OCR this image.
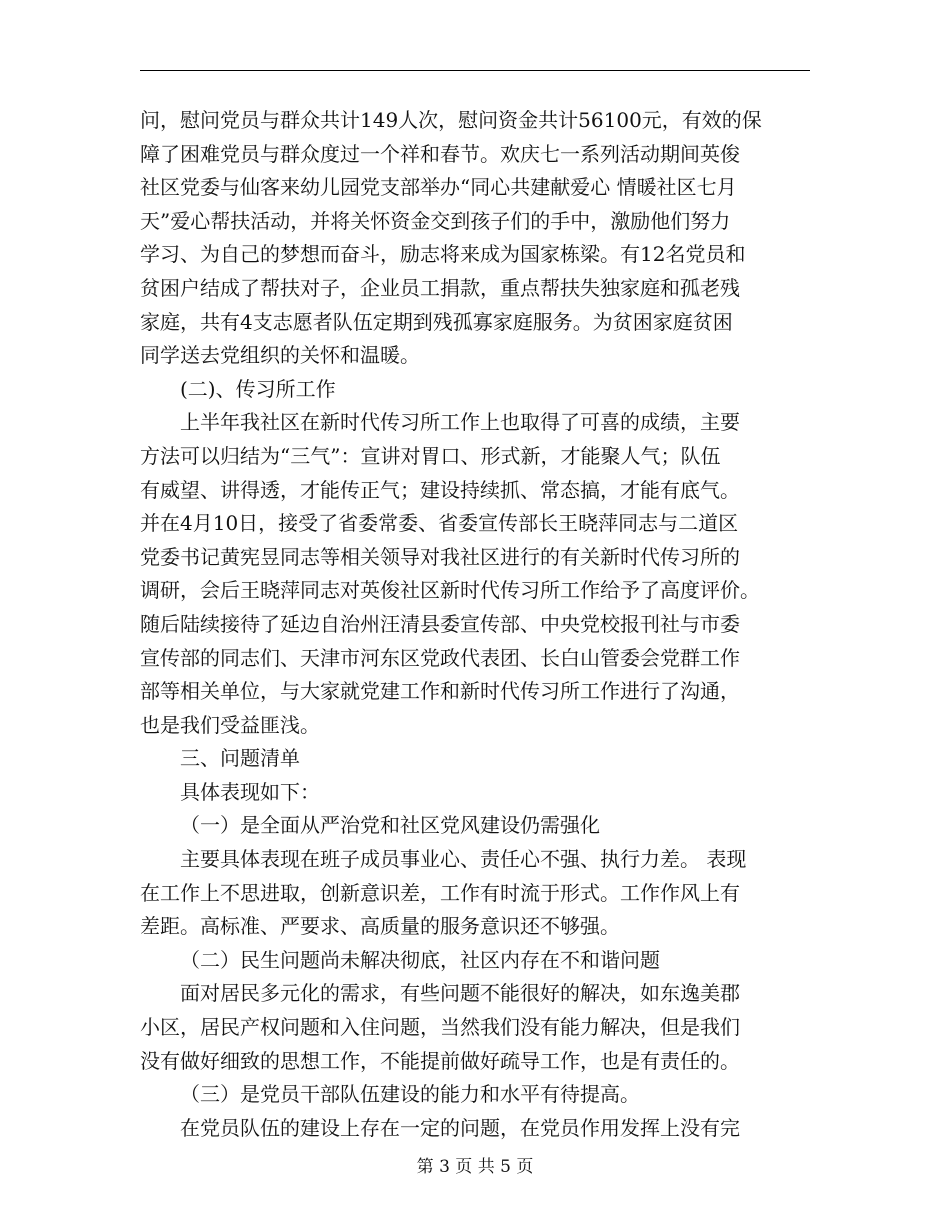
问，慰问党员与群众共计149人次，慰问资金共计56100元，有效的保
障了困难党员与群众度过一个祥和春节。欢庆七一系列活动期间英俊
社区党委与仙客来幼儿园党支部举办“同心共建献爱心 情暖社区七月
天”爱心帮扶活动，并将关怀资金交到孩子们的手中，激励他们努力
学习、为自己的梦想而奋斗，励志将来成为国家栋梁。有12名党员和
贫困户结成了帮扶对子，企业员工捐款，重点帮扶失独家庭和孤老残
家庭，共有4支志愿者队伍定期到残孤寡家庭服务。为贫困家庭贫困
同学送去党组织的关怀和温暖。
(二)、传习所工作
上半年我社区在新时代传习所工作上也取得了可喜的成绩，主要
方法可以归结为“三气”：宣讲对胃口、形式新，才能聚人气；队伍
有威望、讲得透，才能传正气；建设持续抓、常态搞，才能有底气。
并在4月10日，接受了省委常委、省委宣传部长王晓萍同志与二道区
党委书记黄宪昱同志等相关领导对我社区进行的有关新时代传习所的
调研，会后王晓萍同志对英俊社区新时代传习所工作给予了高度评价。
随后陆续接待了延边自治州汪清县委宣传部、中央党校报刊社与市委
宣传部的同志们、天津市河东区党政代表团、长白山管委会党群工作
部等相关单位，与大家就党建工作和新时代传习所工作进行了沟通，
也是我们受益匪浅。
三、问题清单
具体表现如下：
（一）是全面从严治党和社区党风建设仍需强化
主要具体表现在班子成员事业心、责任心不强、执行力差。 表现
在工作上不思进取，创新意识差，工作有时流于形式。工作作风上有
差距。高标准、严要求、高质量的服务意识还不够强。
（二）民生问题尚未解决彻底，社区内存在不和谐问题
面对居民多元化的需求，有些问题不能很好的解决，如东逸美郡
小区，居民产权问题和入住问题，当然我们没有能力解决，但是我们
没有做好细致的思想工作，不能提前做好疏导工作，也是有责任的。
（三）是党员干部队伍建设的能力和水平有待提高。
在党员队伍的建设上存在一定的问题，在党员作用发挥上没有完
第 3 页 共 5 页
